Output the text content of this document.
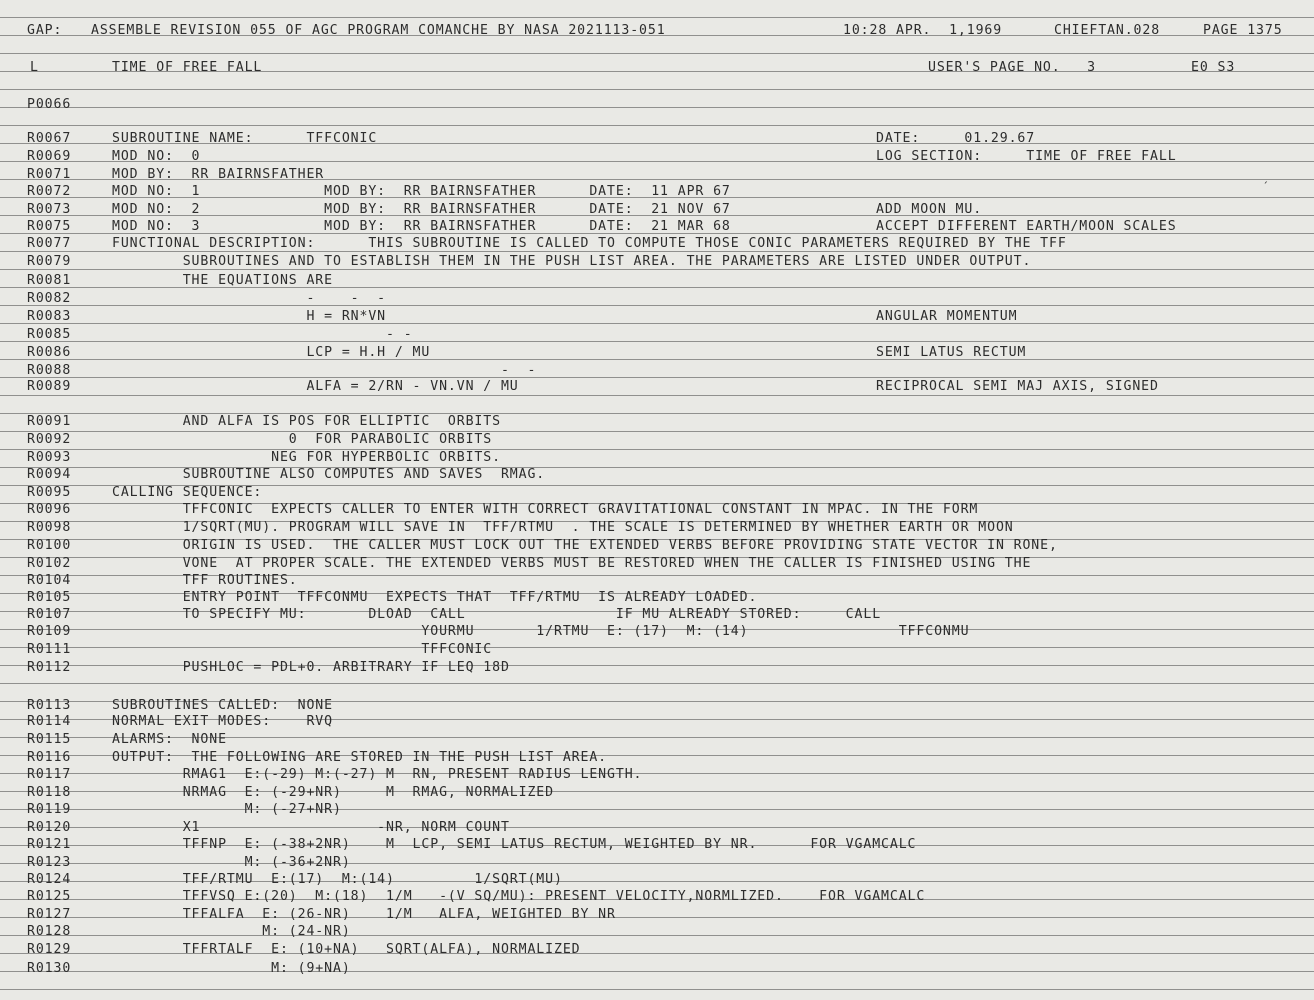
GAP:

ASSEMBLE REVISION 055 OF AGC PROGRAM COMANCHE BY NASA 2021113-051

	10:28 APR.  1,1969

	CHIEFTAN.028

	PAGE 1375

L

	TIME OF FREE FALL

	USER'S PAGE NO.   3

	E0 S3

P0066
R0067	SUBROUTINE NAME:      TFFCONIC	DATE:     01.29.67
R0069	MOD NO:  0	LOG SECTION:     TIME OF FREE FALL
R0071	MOD BY:  RR BAIRNSFATHER
R0072	MOD NO:  1              MOD BY:  RR BAIRNSFATHER      DATE:  11 APR 67
R0073	MOD NO:  2              MOD BY:  RR BAIRNSFATHER      DATE:  21 NOV 67	ADD MOON MU.
R0075	MOD NO:  3              MOD BY:  RR BAIRNSFATHER      DATE:  21 MAR 68	ACCEPT DIFFERENT EARTH/MOON SCALES
R0077	FUNCTIONAL DESCRIPTION:      THIS SUBROUTINE IS CALLED TO COMPUTE THOSE CONIC PARAMETERS REQUIRED BY THE TFF
R0079	SUBROUTINES AND TO ESTABLISH THEM IN THE PUSH LIST AREA. THE PARAMETERS ARE LISTED UNDER OUTPUT.
R0081	THE EQUATIONS ARE
R0082	-    -  -
R0083	H = RN*VN	ANGULAR MOMENTUM
R0085	- -
R0086	LCP = H.H / MU	SEMI LATUS RECTUM
R0088	-  -
R0089	ALFA = 2/RN - VN.VN / MU	RECIPROCAL SEMI MAJ AXIS, SIGNED
R0091	AND ALFA IS POS FOR ELLIPTIC  ORBITS
R0092	0  FOR PARABOLIC ORBITS
R0093	NEG FOR HYPERBOLIC ORBITS.
R0094	SUBROUTINE ALSO COMPUTES AND SAVES  RMAG.
R0095	CALLING SEQUENCE:
R0096	TFFCONIC  EXPECTS CALLER TO ENTER WITH CORRECT GRAVITATIONAL CONSTANT IN MPAC. IN THE FORM
R0098	1/SQRT(MU). PROGRAM WILL SAVE IN  TFF/RTMU  . THE SCALE IS DETERMINED BY WHETHER EARTH OR MOON
R0100	ORIGIN IS USED.  THE CALLER MUST LOCK OUT THE EXTENDED VERBS BEFORE PROVIDING STATE VECTOR IN RONE,
R0102	VONE  AT PROPER SCALE. THE EXTENDED VERBS MUST BE RESTORED WHEN THE CALLER IS FINISHED USING THE
R0104	TFF ROUTINES.
R0105	ENTRY POINT  TFFCONMU  EXPECTS THAT  TFF/RTMU  IS ALREADY LOADED.
R0107	TO SPECIFY MU:       DLOAD  CALL                 IF MU ALREADY STORED:     CALL
R0109	YOURMU       1/RTMU  E: (17)  M: (14)                 TFFCONMU
R0111	TFFCONIC
R0112	PUSHLOC = PDL+0. ARBITRARY IF LEQ 18D
R0113	SUBROUTINES CALLED:  NONE
R0114	NORMAL EXIT MODES:    RVQ
R0115	ALARMS:  NONE
R0116	OUTPUT:  THE FOLLOWING ARE STORED IN THE PUSH LIST AREA.
R0117	RMAG1  E:(-29) M:(-27) M  RN, PRESENT RADIUS LENGTH.
R0118	NRMAG  E: (-29+NR)     M  RMAG, NORMALIZED
R0119	M: (-27+NR)
R0120	X1                    -NR, NORM COUNT
R0121	TFFNP  E: (-38+2NR)    M  LCP, SEMI LATUS RECTUM, WEIGHTED BY NR.      FOR VGAMCALC
R0123	M: (-36+2NR)
R0124	TFF/RTMU  E:(17)  M:(14)         1/SQRT(MU)
R0125	TFFVSQ E:(20)  M:(18)  1/M   -(V SQ/MU): PRESENT VELOCITY,NORMLIZED.    FOR VGAMCALC
R0127	TFFALFA  E: (26-NR)    1/M   ALFA, WEIGHTED BY NR
R0128	M: (24-NR)
R0129	TFFRTALF  E: (10+NA)   SQRT(ALFA), NORMALIZED
R0130	M: (9+NA)
´
